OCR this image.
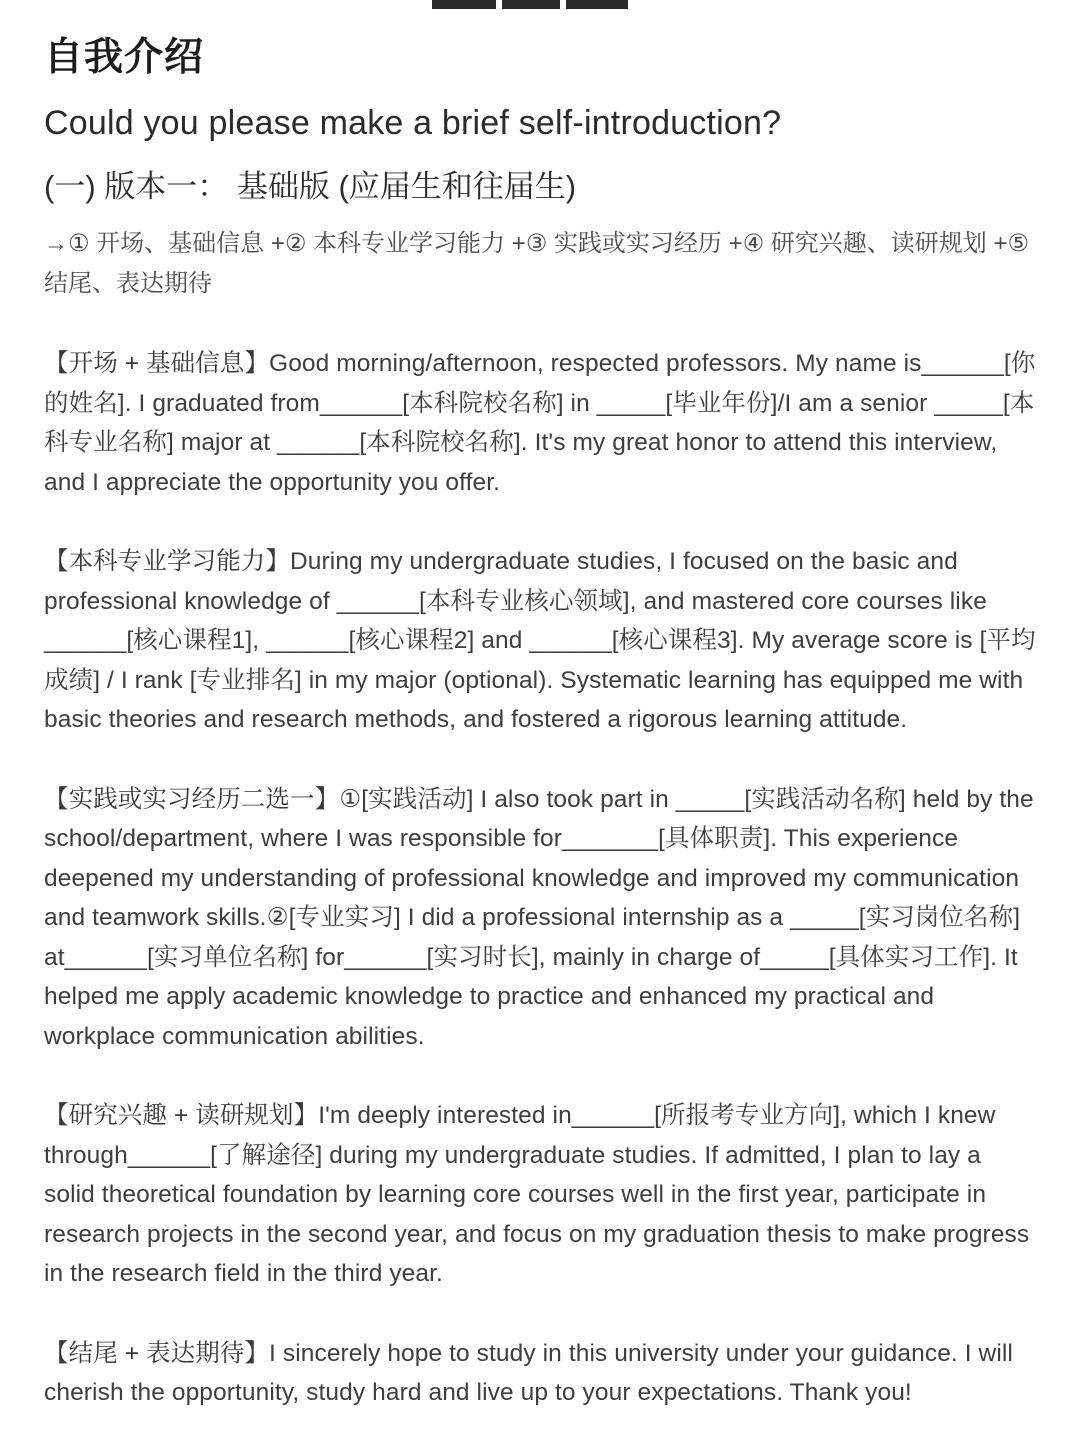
自我介绍
Could you please make a brief self-introduction?
(一) 版本一： 基础版 (应届生和往届生)

→① 开场、基础信息 +② 本科专业学习能力 +③ 实践或实习经历 +④ 研究兴趣、读研规划 +⑤ 结尾、表达期待

【开场 + 基础信息】Good morning/afternoon, respected professors. My name is______[你的姓名]. I graduated from______[本科院校名称] in _____[毕业年份]/I am a senior _____[本科专业名称] major at ______[本科院校名称]. It's my great honor to attend this interview, and I appreciate the opportunity you offer.

【本科专业学习能力】During my undergraduate studies, I focused on the basic and professional knowledge of ______[本科专业核心领域], and mastered core courses like ______[核心课程1], ______[核心课程2] and ______[核心课程3]. My average score is [平均成绩] / I rank [专业排名] in my major (optional). Systematic learning has equipped me with basic theories and research methods, and fostered a rigorous learning attitude.

【实践或实习经历二选一】①[实践活动] I also took part in _____[实践活动名称] held by the school/department, where I was responsible for_______[具体职责]. This experience deepened my understanding of professional knowledge and improved my communication and teamwork skills.②[专业实习] I did a professional internship as a _____[实习岗位名称] at______[实习单位名称] for______[实习时长], mainly in charge of_____[具体实习工作]. It helped me apply academic knowledge to practice and enhanced my practical and workplace communication abilities.

【研究兴趣 + 读研规划】I'm deeply interested in______[所报考专业方向], which I knew through______[了解途径] during my undergraduate studies. If admitted, I plan to lay a solid theoretical foundation by learning core courses well in the first year, participate in research projects in the second year, and focus on my graduation thesis to make progress in the research field in the third year.

【结尾 + 表达期待】I sincerely hope to study in this university under your guidance. I will cherish the opportunity, study hard and live up to your expectations. Thank you!
